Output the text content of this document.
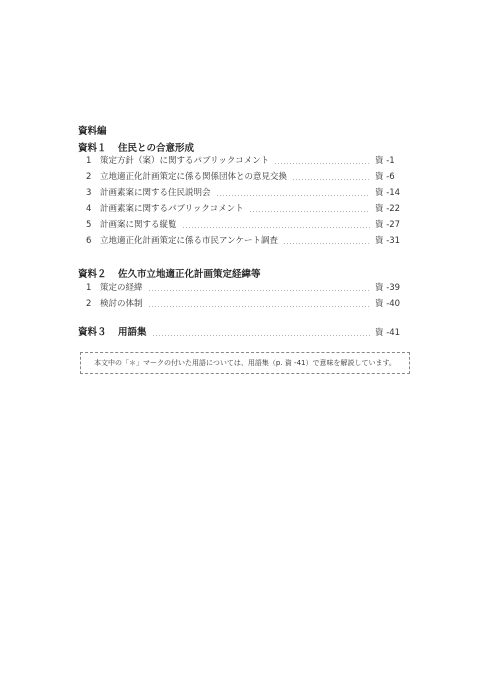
資料編
資料１ 住民との合意形成
1	策定方針（案）に関するパブリックコメント	資 -1
2	立地適正化計画策定に係る関係団体との意見交換	資 -6
3	計画素案に関する住民説明会	資 -14
4	計画素案に関するパブリックコメント	資 -22
5	計画案に関する縦覧	資 -27
6	立地適正化計画策定に係る市民アンケート調査	資 -31
資料２ 佐久市立地適正化計画策定経緯等
1	策定の経緯	資 -39
2	検討の体制	資 -40
資料３	用語集	資 -41
本文中の「＊」マークの付いた用語については、用語集（p. 資 -41）で意味を解説しています。
